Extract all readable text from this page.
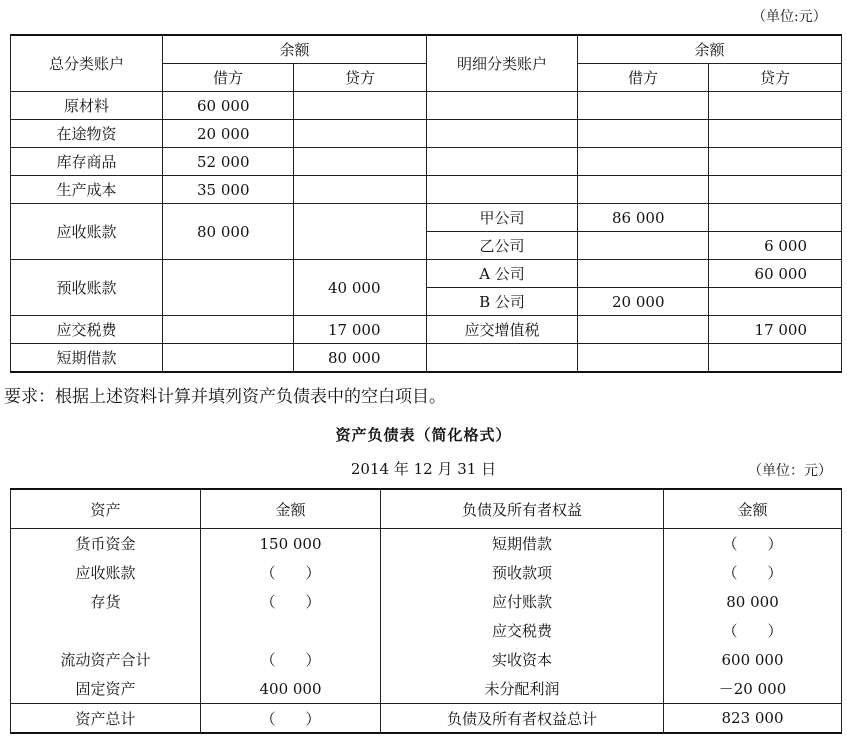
（单位:元）
总分类账户	余额		明细分类账户	余额	
	借方	贷方		借方	贷方
原材料	60 000				
在途物资	20 000				
库存商品	52 000				
生产成本	35 000				
应收账款	80 000		甲公司	86 000	
			乙公司		6 000
预收账款		40 000	A 公司		60 000
			B 公司	20 000	
应交税费		17 000	应交增值税		17 000
短期借款		80 000			
要求：根据上述资料计算并填列资产负债表中的空白项目。
资产负债表（简化格式）
2014 年 12 月 31 日	（单位：元）
资产	金额	负债及所有者权益	金额
货币资金	150 000	短期借款	（　　）
应收账款	（　　）	预收款项	（　　）
存货	（　　）	应付账款	80 000
		应交税费	（　　）
流动资产合计	（　　）	实收资本	600 000
固定资产	400 000	未分配利润	－20 000
资产总计	（　　）	负债及所有者权益总计	823 000
